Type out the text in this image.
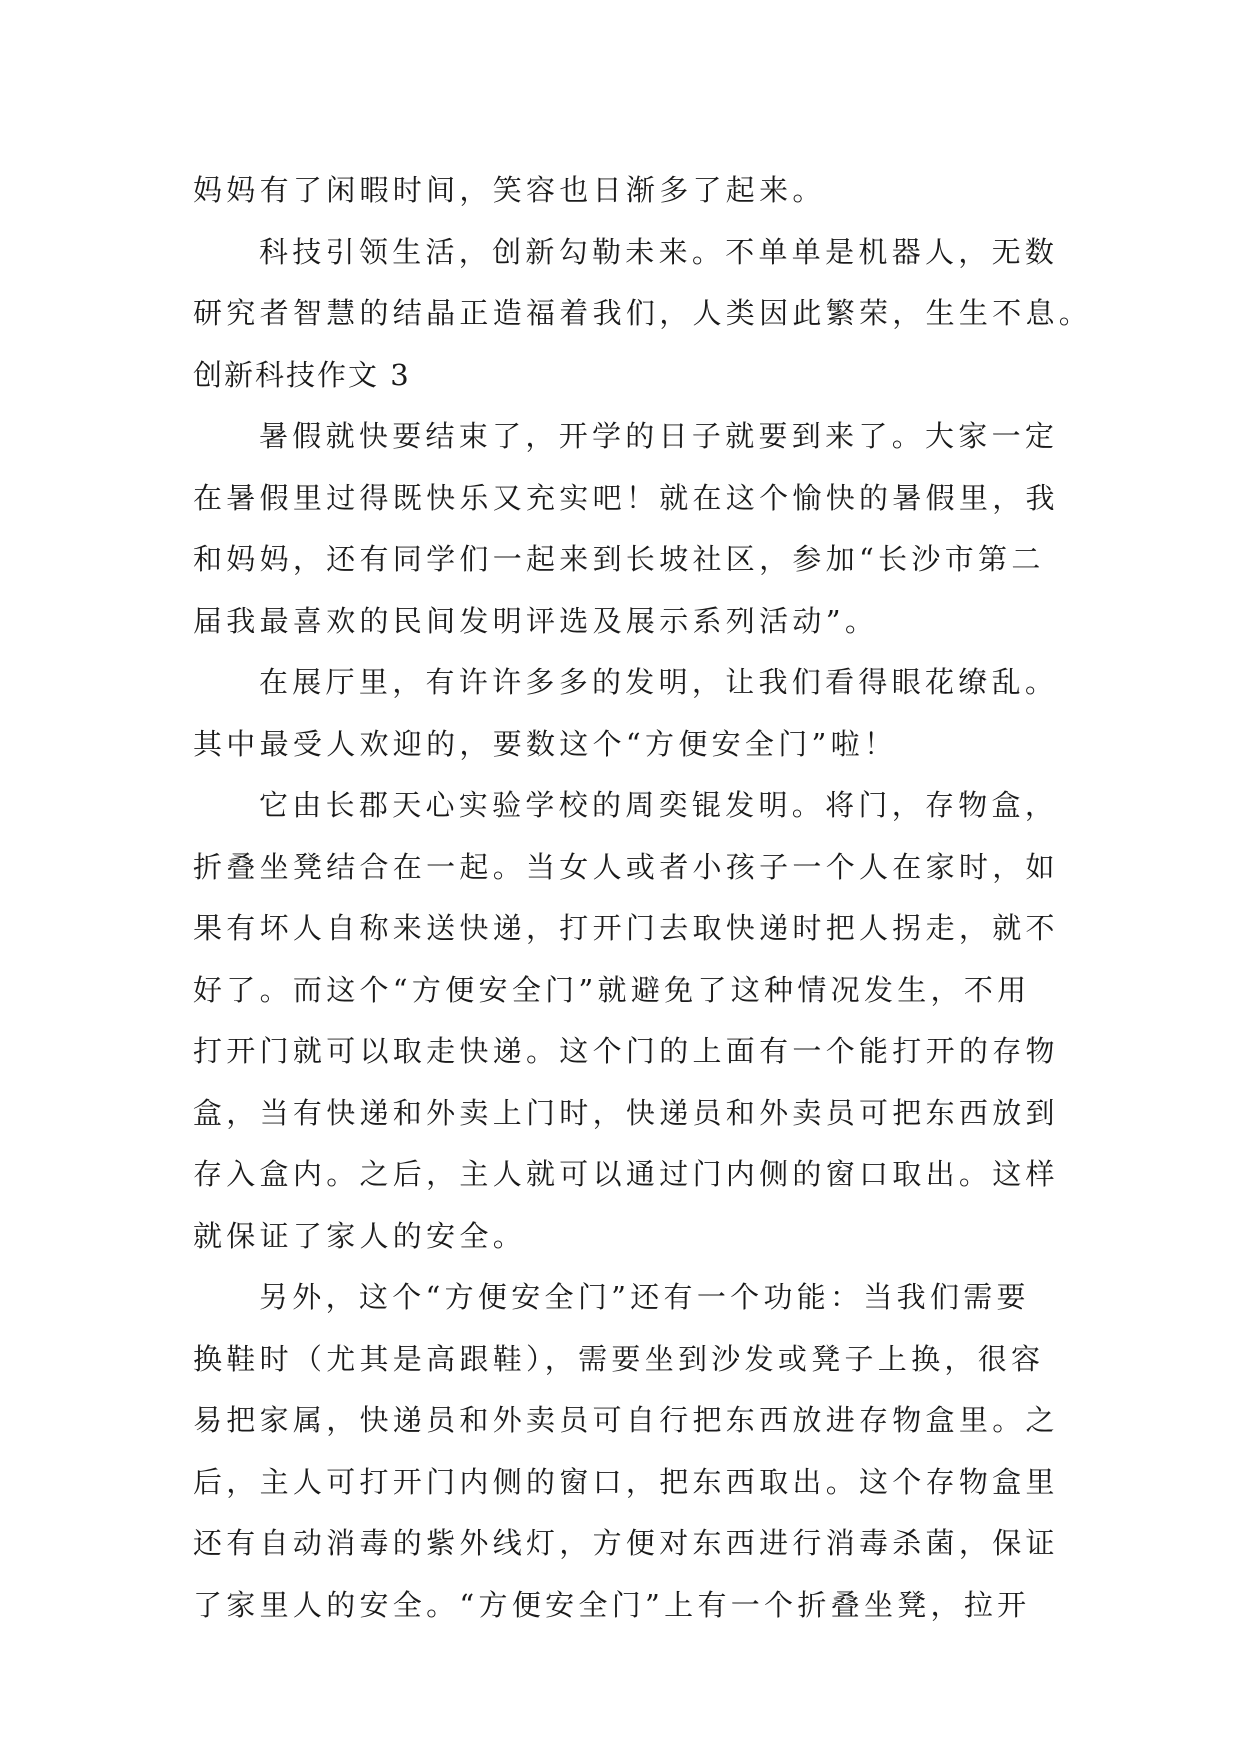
妈妈有了闲暇时间，笑容也日渐多了起来。

科技引领生活，创新勾勒未来。不单单是机器人，无数

研究者智慧的结晶正造福着我们，人类因此繁荣，生生不息。

创新科技作文 3

暑假就快要结束了，开学的日子就要到来了。大家一定

在暑假里过得既快乐又充实吧！就在这个愉快的暑假里，我

和妈妈，还有同学们一起来到长坡社区，参加“长沙市第二

届我最喜欢的民间发明评选及展示系列活动”。

在展厅里，有许许多多的发明，让我们看得眼花缭乱。

其中最受人欢迎的，要数这个“方便安全门”啦！

它由长郡天心实验学校的周奕锟发明。将门，存物盒，

折叠坐凳结合在一起。当女人或者小孩子一个人在家时，如

果有坏人自称来送快递，打开门去取快递时把人拐走，就不

好了。而这个“方便安全门”就避免了这种情况发生，不用

打开门就可以取走快递。这个门的上面有一个能打开的存物

盒，当有快递和外卖上门时，快递员和外卖员可把东西放到

存入盒内。之后，主人就可以通过门内侧的窗口取出。这样

就保证了家人的安全。

另外，这个“方便安全门”还有一个功能：当我们需要

换鞋时（尤其是高跟鞋），需要坐到沙发或凳子上换，很容

易把家属，快递员和外卖员可自行把东西放进存物盒里。之

后，主人可打开门内侧的窗口，把东西取出。这个存物盒里

还有自动消毒的紫外线灯，方便对东西进行消毒杀菌，保证

了家里人的安全。“方便安全门”上有一个折叠坐凳，拉开
